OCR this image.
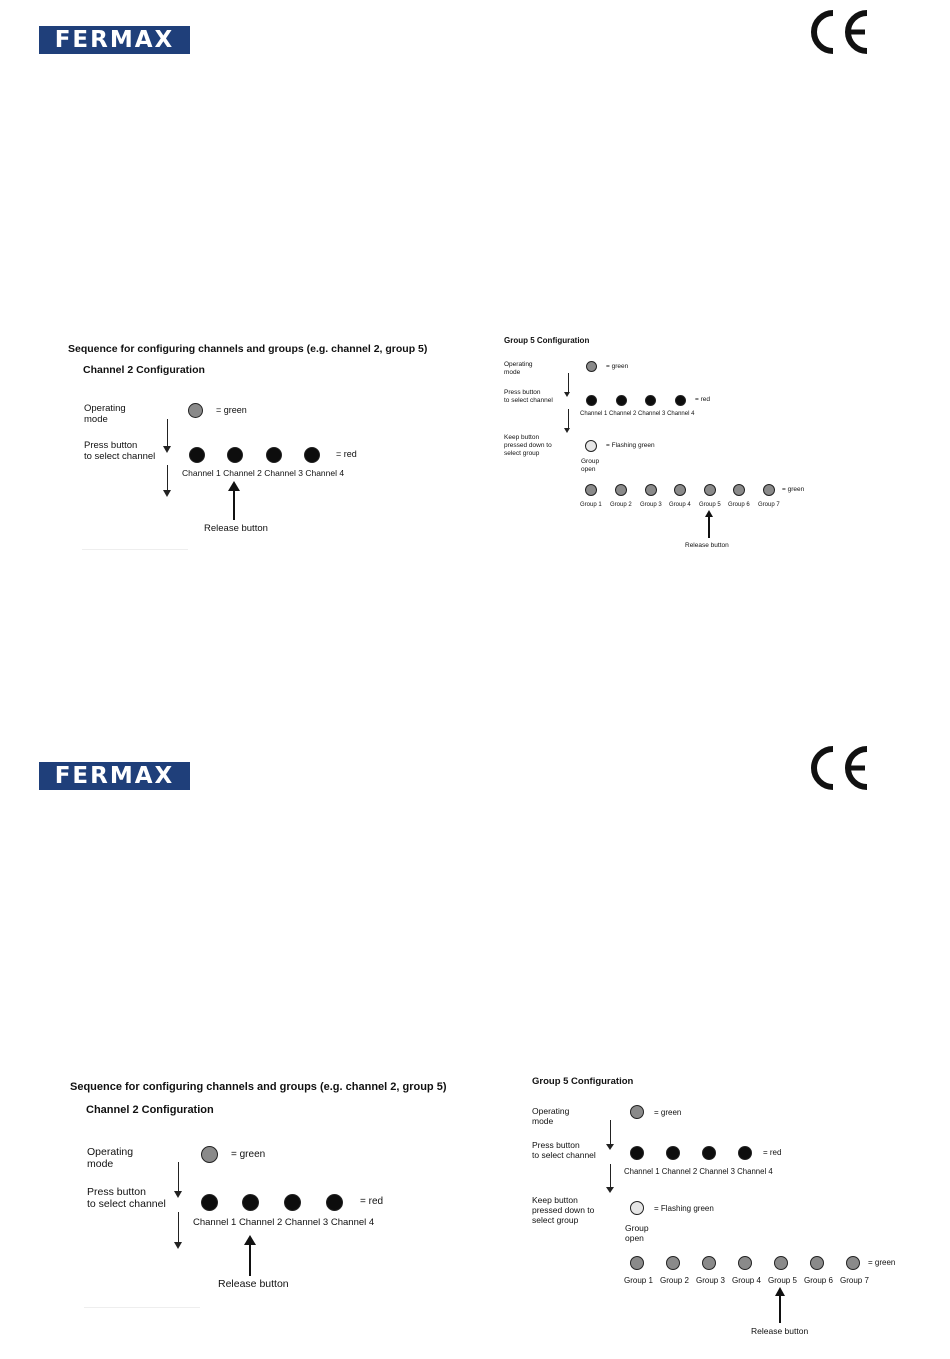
FERMAX
FERMAX
Sequence for configuring channels and groups (e.g. channel 2, group 5)
Channel 2 Configuration
Operating
mode
= green
Press button
to select channel	= red
Channel 1 Channel 2 Channel 3 Channel 4
Release button
Group 5 Configuration
Operating
mode
= green
Press button
to select channel	= red
Channel 1 Channel 2 Channel 3 Channel 4
Keep button
pressed down to
select group
= Flashing green
Group
open
= green
Group 1 Group 2 Group 3 Group 4 Group 5 Group 6 Group 7
Release button
Sequence for configuring channels and groups (e.g. channel 2, group 5)
Channel 2 Configuration
Operating
mode
= green
Press button
to select channel	= red
Channel 1 Channel 2 Channel 3 Channel 4
Release button
Group 5 Configuration
Operating
mode
= green
Press button
to select channel	= red
Channel 1 Channel 2 Channel 3 Channel 4
Keep button
pressed down to
select group
= Flashing green
Group
open
= green
Group 1 Group 2 Group 3 Group 4 Group 5 Group 6 Group 7
Release button
